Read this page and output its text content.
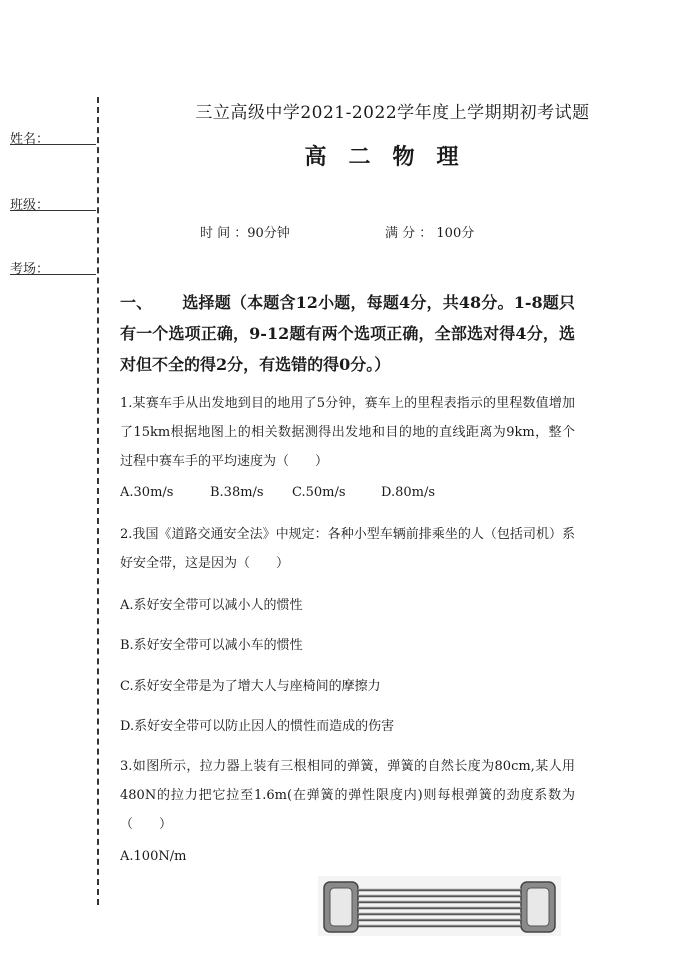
姓名：
班级：
考场：
三立高级中学2021-2022学年度上学期期初考试题
高二物理
时 间 ：90分钟	满 分 ： 100分
一、 选择题（本题含12小题，每题4分，共48分。1-8题只有一个选项正确，9-12题有两个选项正确，全部选对得4分，选对但不全的得2分，有选错的得0分。）
1.某赛车手从出发地到目的地用了5分钟，赛车上的里程表指示的里程数值增加了15km根据地图上的相关数据测得出发地和目的地的直线距离为9km，整个过程中赛车手的平均速度为（　　）
A.30m/s	B.38m/s C.50m/s	D.80m/s
2.我国《道路交通安全法》中规定：各种小型车辆前排乘坐的人（包括司机）系好安全带，这是因为（　　）
A.系好安全带可以减小人的惯性
B.系好安全带可以减小车的惯性
C.系好安全带是为了增大人与座椅间的摩擦力
D.系好安全带可以防止因人的惯性而造成的伤害
3.如图所示，拉力器上装有三根相同的弹簧，弹簧的自然长度为80cm,某人用480N的拉力把它拉至1.6m(在弹簧的弹性限度内)则每根弹簧的劲度系数为（　　）
A.100N/m
